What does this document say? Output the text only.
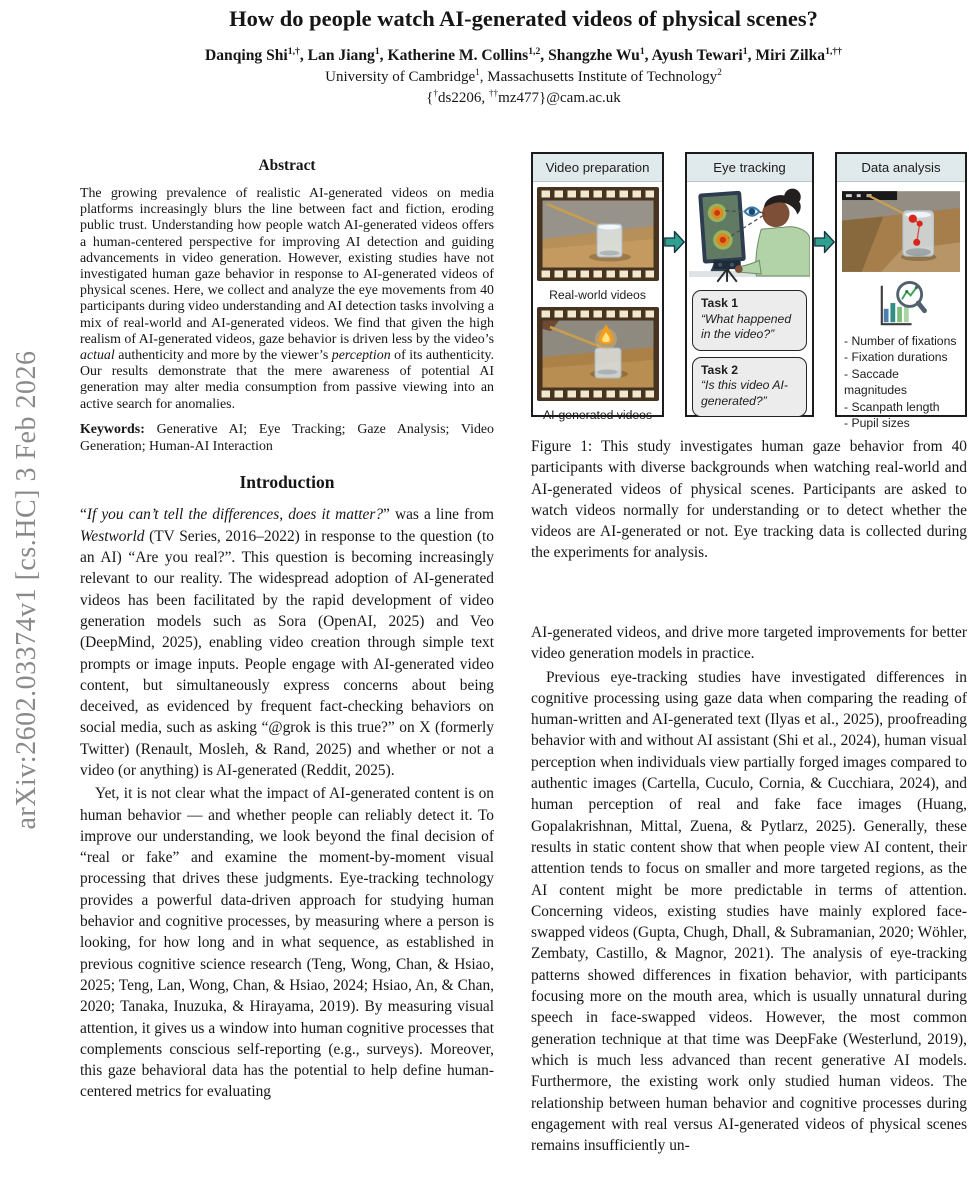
arXiv:2602.03374v1 [cs.HC] 3 Feb 2026
How do people watch AI-generated videos of physical scenes?
Danqing Shi$^{1,\dagger}$, Lan Jiang$^1$, Katherine M. Collins$^{1,2}$, Shangzhe Wu$^1$, Ayush Tewari$^1$, Miri Zilka$^{1,\dagger\dagger}$
University of Cambridge$^1$, Massachusetts Institute of Technology$^2$
{†ds2206, ††mz477}@cam.ac.uk
Abstract

The growing prevalence of realistic AI-generated videos on media platforms increasingly blurs the line between fact and fiction, eroding public trust. Understanding how people watch AI-generated videos offers a human-centered perspective for improving AI detection and guiding advancements in video generation. However, existing studies have not investigated human gaze behavior in response to AI-generated videos of physical scenes. Here, we collect and analyze the eye movements from 40 participants during video understanding and AI detection tasks involving a mix of real-world and AI-generated videos. We find that given the high realism of AI-generated videos, gaze behavior is driven less by the video’s actual authenticity and more by the viewer’s perception of its authenticity. Our results demonstrate that the mere awareness of potential AI generation may alter media consumption from passive viewing into an active search for anomalies.

Keywords: Generative AI; Eye Tracking; Gaze Analysis; Video Generation; Human-AI Interaction

Introduction

“If you can’t tell the differences, does it matter?” was a line from Westworld (TV Series, 2016–2022) in response to the question (to an AI) “Are you real?”. This question is becoming increasingly relevant to our reality. The widespread adoption of AI-generated videos has been facilitated by the rapid development of video generation models such as Sora (OpenAI, 2025) and Veo (DeepMind, 2025), enabling video creation through simple text prompts or image inputs. People engage with AI-generated video content, but simultaneously express concerns about being deceived, as evidenced by frequent fact-checking behaviors on social media, such as asking “@grok is this true?” on X (formerly Twitter) (Renault, Mosleh, & Rand, 2025) and whether or not a video (or anything) is AI-generated (Reddit, 2025).

Yet, it is not clear what the impact of AI-generated content is on human behavior — and whether people can reliably detect it. To improve our understanding, we look beyond the final decision of “real or fake” and examine the moment-by-moment visual processing that drives these judgments. Eye-tracking technology provides a powerful data-driven approach for studying human behavior and cognitive processes, by measuring where a person is looking, for how long and in what sequence, as established in previous cognitive science research (Teng, Wong, Chan, & Hsiao, 2025; Teng, Lan, Wong, Chan, & Hsiao, 2024; Hsiao, An, & Chan, 2020; Tanaka, Inuzuka, & Hirayama, 2019). By measuring visual attention, it gives us a window into human cognitive processes that complements conscious self-reporting (e.g., surveys). Moreover, this gaze behavioral data has the potential to help define human-centered metrics for evaluating

Video preparation
Real-world videos
AI-generated videos
Eye tracking
Task 1
“What happened in the video?”
Task 2
“Is this video AI-generated?”
Data analysis
- Number of fixations
- Fixation durations
- Saccade magnitudes
- Scanpath length
- Pupil sizes

Figure 1: This study investigates human gaze behavior from 40 participants with diverse backgrounds when watching real-world and AI-generated videos of physical scenes. Participants are asked to watch videos normally for understanding or to detect whether the videos are AI-generated or not. Eye tracking data is collected during the experiments for analysis.

AI-generated videos, and drive more targeted improvements for better video generation models in practice.

Previous eye-tracking studies have investigated differences in cognitive processing using gaze data when comparing the reading of human-written and AI-generated text (Ilyas et al., 2025), proofreading behavior with and without AI assistant (Shi et al., 2024), human visual perception when individuals view partially forged images compared to authentic images (Cartella, Cuculo, Cornia, & Cucchiara, 2024), and human perception of real and fake face images (Huang, Gopalakrishnan, Mittal, Zuena, & Pytlarz, 2025). Generally, these results in static content show that when people view AI content, their attention tends to focus on smaller and more targeted regions, as the AI content might be more predictable in terms of attention. Concerning videos, existing studies have mainly explored face-swapped videos (Gupta, Chugh, Dhall, & Subramanian, 2020; Wöhler, Zembaty, Castillo, & Magnor, 2021). The analysis of eye-tracking patterns showed differences in fixation behavior, with participants focusing more on the mouth area, which is usually unnatural during speech in face-swapped videos. However, the most common generation technique at that time was DeepFake (Westerlund, 2019), which is much less advanced than recent generative AI models. Furthermore, the existing work only studied human videos. The relationship between human behavior and cognitive processes during engagement with real versus AI-generated videos of physical scenes remains insufficiently un-
